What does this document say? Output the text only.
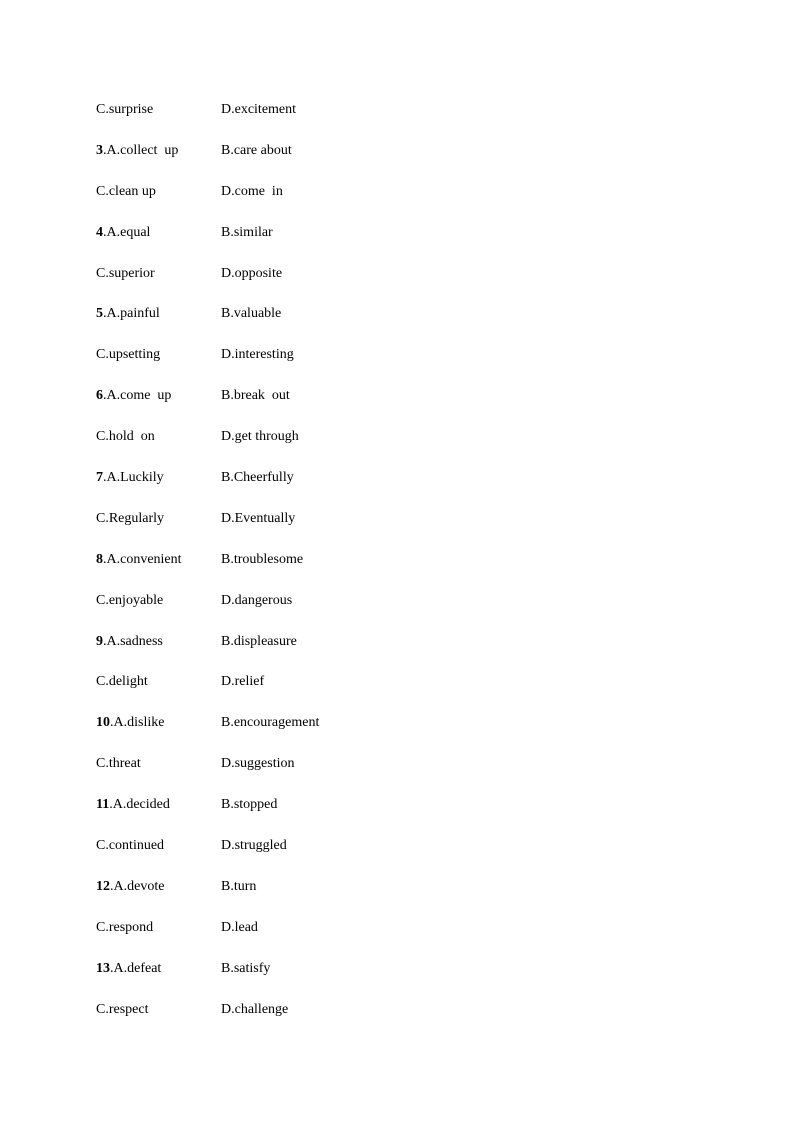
C.surprise	D.excitement
3.A.collect  up	B.care about
C.clean up	D.come  in
4.A.equal	B.similar
C.superior	D.opposite
5.A.painful	B.valuable
C.upsetting	D.interesting
6.A.come  up	B.break  out
C.hold  on	D.get through
7.A.Luckily	B.Cheerfully
C.Regularly	D.Eventually
8.A.convenient	B.troublesome
C.enjoyable	D.dangerous
9.A.sadness	B.displeasure
C.delight	D.relief
10.A.dislike	B.encouragement
C.threat	D.suggestion
11.A.decided	B.stopped
C.continued	D.struggled
12.A.devote	B.turn
C.respond	D.lead
13.A.defeat	B.satisfy
C.respect	D.challenge
